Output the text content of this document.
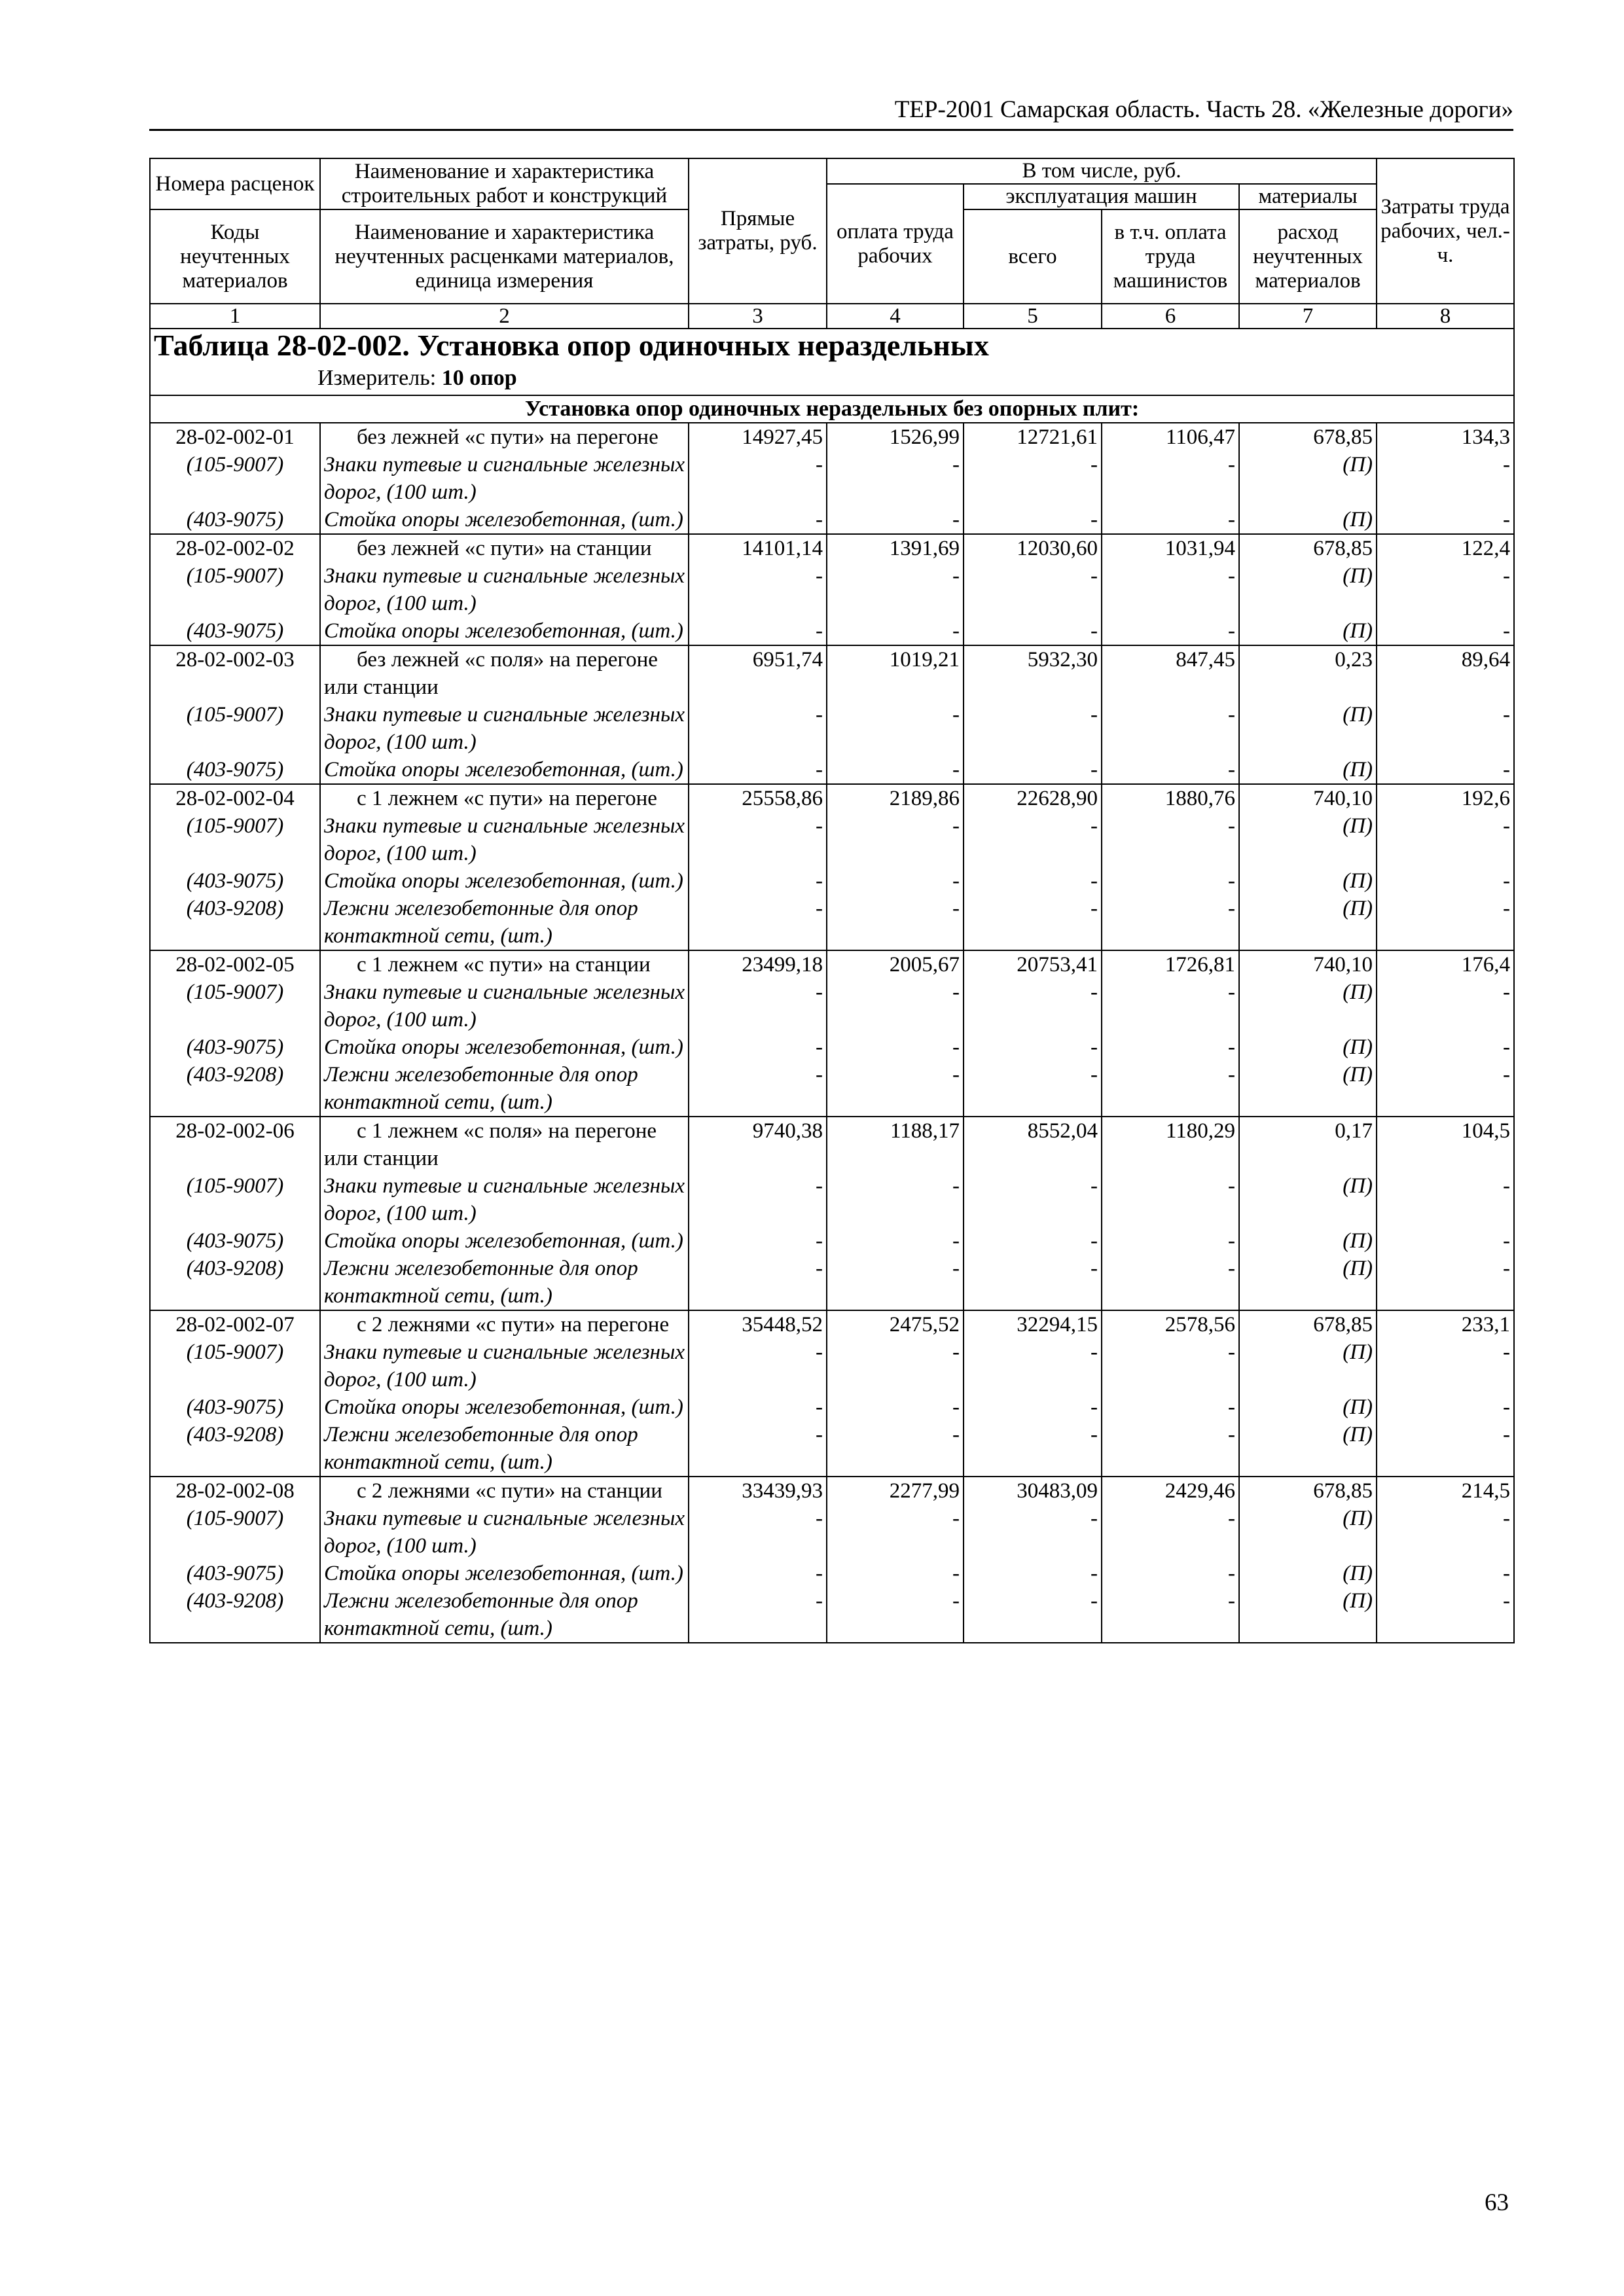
ТЕР-2001 Самарская область. Часть 28. «Железные дороги»
Номера расценок	Наименование и характеристика строительных работ и конструкций	Прямые затраты, руб.	В том числе, руб.				Затраты труда рабочих, чел.-ч.
			оплата труда рабочих	эксплуатация машин		материалы	
Коды неучтенных материалов	Наименование и характеристика неучтенных расценками материалов, единица измерения			всего	в т.ч. оплата труда машинистов	расход неучтенных материалов	

1	2	3	4	5	6	7	8

Таблица 28-02-002. Установка опор одиночных нераздельных
Измеритель: 10 опор							

Установка опор одиночных нераздельных без опорных плит:							
28-02-002-01	без лежней «с пути» на перегоне	14927,45	1526,99	12721,61	1106,47	678,85	134,3
(105-9007)	Знаки путевые и сигнальные железных дорог, (100 шт.)	-	-	-	-	(П)	-
(403-9075)	Стойка опоры железобетонная, (шт.)	-	-	-	-	(П)	-
28-02-002-02	без лежней «с пути» на станции	14101,14	1391,69	12030,60	1031,94	678,85	122,4
(105-9007)	Знаки путевые и сигнальные железных дорог, (100 шт.)	-	-	-	-	(П)	-
(403-9075)	Стойка опоры железобетонная, (шт.)	-	-	-	-	(П)	-
28-02-002-03	без лежней «с поля» на перегоне или станции	6951,74	1019,21	5932,30	847,45	0,23	89,64
(105-9007)	Знаки путевые и сигнальные железных дорог, (100 шт.)	-	-	-	-	(П)	-
(403-9075)	Стойка опоры железобетонная, (шт.)	-	-	-	-	(П)	-
28-02-002-04	с 1 лежнем «с пути» на перегоне	25558,86	2189,86	22628,90	1880,76	740,10	192,6
(105-9007)	Знаки путевые и сигнальные железных дорог, (100 шт.)	-	-	-	-	(П)	-
(403-9075)	Стойка опоры железобетонная, (шт.)	-	-	-	-	(П)	-
(403-9208)	Лежни железобетонные для опор контактной сети, (шт.)	-	-	-	-	(П)	-
28-02-002-05	с 1 лежнем «с пути» на станции	23499,18	2005,67	20753,41	1726,81	740,10	176,4
(105-9007)	Знаки путевые и сигнальные железных дорог, (100 шт.)	-	-	-	-	(П)	-
(403-9075)	Стойка опоры железобетонная, (шт.)	-	-	-	-	(П)	-
(403-9208)	Лежни железобетонные для опор контактной сети, (шт.)	-	-	-	-	(П)	-
28-02-002-06	с 1 лежнем «с поля» на перегоне или станции	9740,38	1188,17	8552,04	1180,29	0,17	104,5
(105-9007)	Знаки путевые и сигнальные железных дорог, (100 шт.)	-	-	-	-	(П)	-
(403-9075)	Стойка опоры железобетонная, (шт.)	-	-	-	-	(П)	-
(403-9208)	Лежни железобетонные для опор контактной сети, (шт.)	-	-	-	-	(П)	-
28-02-002-07	с 2 лежнями «с пути» на перегоне	35448,52	2475,52	32294,15	2578,56	678,85	233,1
(105-9007)	Знаки путевые и сигнальные железных дорог, (100 шт.)	-	-	-	-	(П)	-
(403-9075)	Стойка опоры железобетонная, (шт.)	-	-	-	-	(П)	-
(403-9208)	Лежни железобетонные для опор контактной сети, (шт.)	-	-	-	-	(П)	-
28-02-002-08	с 2 лежнями «с пути» на станции	33439,93	2277,99	30483,09	2429,46	678,85	214,5
(105-9007)	Знаки путевые и сигнальные железных дорог, (100 шт.)	-	-	-	-	(П)	-
(403-9075)	Стойка опоры железобетонная, (шт.)	-	-	-	-	(П)	-
(403-9208)	Лежни железобетонные для опор контактной сети, (шт.)	-	-	-	-	(П)	-
63
